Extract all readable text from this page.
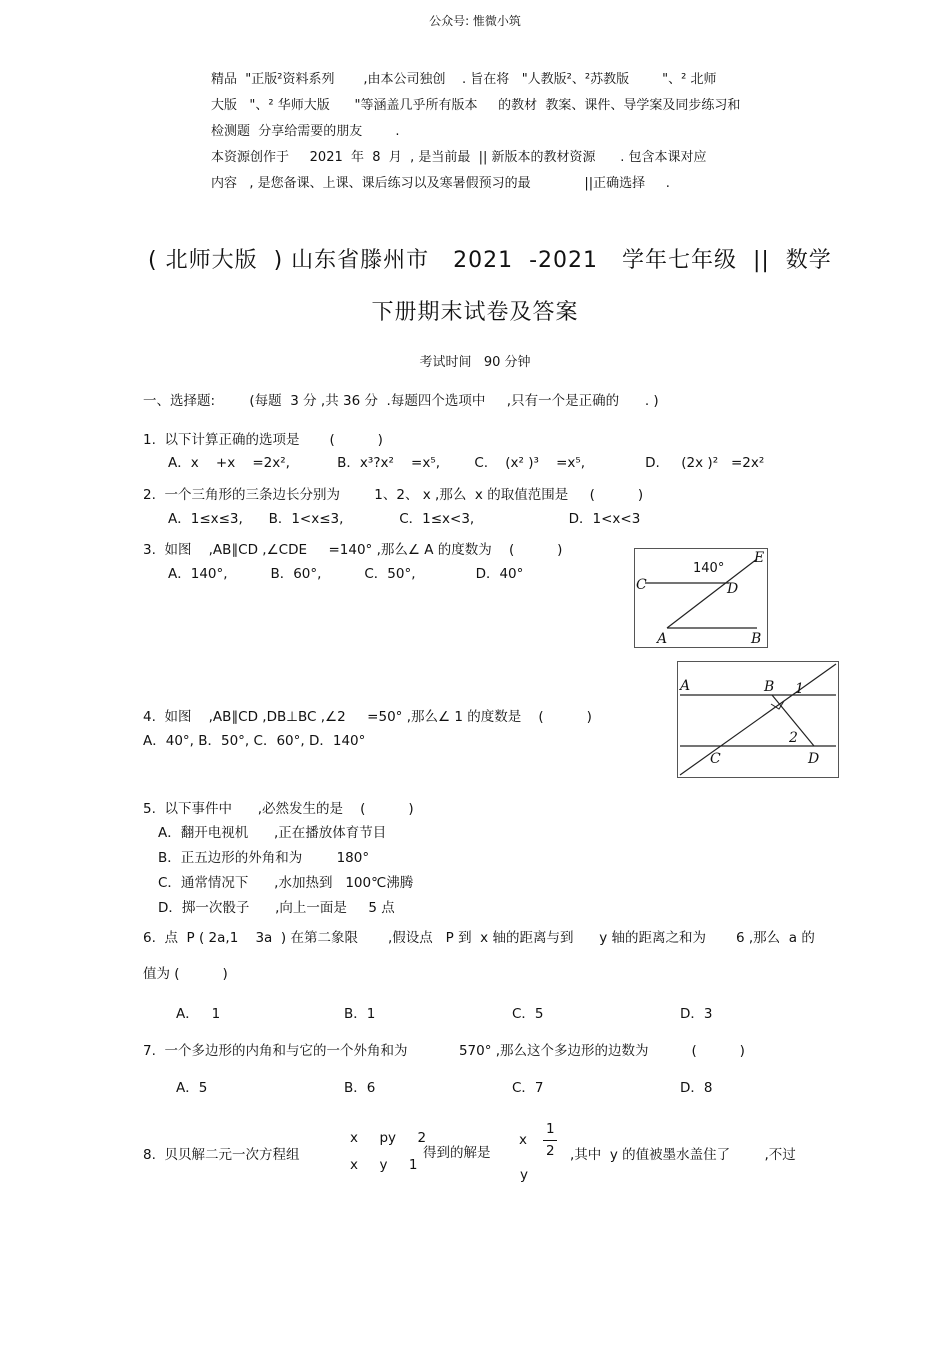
公众号: 惟微小筑
精品  "正版²资料系列       ,由本公司独创    . 旨在将   "人教版²、²苏教版        "、² 北师
大版   "、² 华师大版      "等涵盖几乎所有版本     的教材  教案、课件、导学案及同步练习和
检测题  分享给需要的朋友        .
本资源创作于     2021  年  8  月  , 是当前最  || 新版本的教材资源      . 包含本课对应
内容   , 是您备课、上课、课后练习以及寒暑假预习的最             ||正确选择     .
( 北师大版  ) 山东省滕州市   2021  -2021   学年七年级  ||  数学
下册期末试卷及答案
考试时间   90 分钟
一、选择题:        (每题  3 分 ,共 36 分  .每题四个选项中     ,只有一个是正确的      . )
1.  以下计算正确的选项是       (          )
A．x    +x    =2x²,           B．x³?x²    =x⁵,        C.    (x² )³    =x⁵,              D.     (2x )²   =2x²
2.  一个三角形的三条边长分别为        1、2、 x ,那么  x 的取值范围是     (          )
A．1≤x≤3,      B．1<x≤3,             C．1≤x<3,                      D．1<x<3
3.  如图    ,AB∥CD ,∠CDE     =140° ,那么∠ A 的度数为    (          )
A．140°,          B．60°,          C．50°,              D．40°	140°
C	D
E
A	B
A	B 1
2
C	D
4.  如图    ,AB∥CD ,DB⊥BC ,∠2     =50° ,那么∠ 1 的度数是    (          )
A．40°, B．50°, C．60°, D．140°
5.  以下事件中      ,必然发生的是    (          )
A．翻开电视机      ,正在播放体育节目
B．正五边形的外角和为        180°
C．通常情况下      ,水加热到   100℃沸腾
D．掷一次骰子      ,向上一面是     5 点
6.  点  P ( 2a,1    3a  ) 在第二象限       ,假设点   P 到  x 轴的距离与到      y 轴的距离之和为       6 ,那么  a 的
值为 (          )
A．   1	B．1	C．5	D．3
7.  一个多边形的内角和与它的一个外角和为            570° ,那么这个多边形的边数为          (          )
A．5	B．6	C．7	D．8
8.  贝贝解二元一次方程组
x     py     2
x     y     1
得到的解是
x
1
2
y
,其中  y 的值被墨水盖住了        ,不过
